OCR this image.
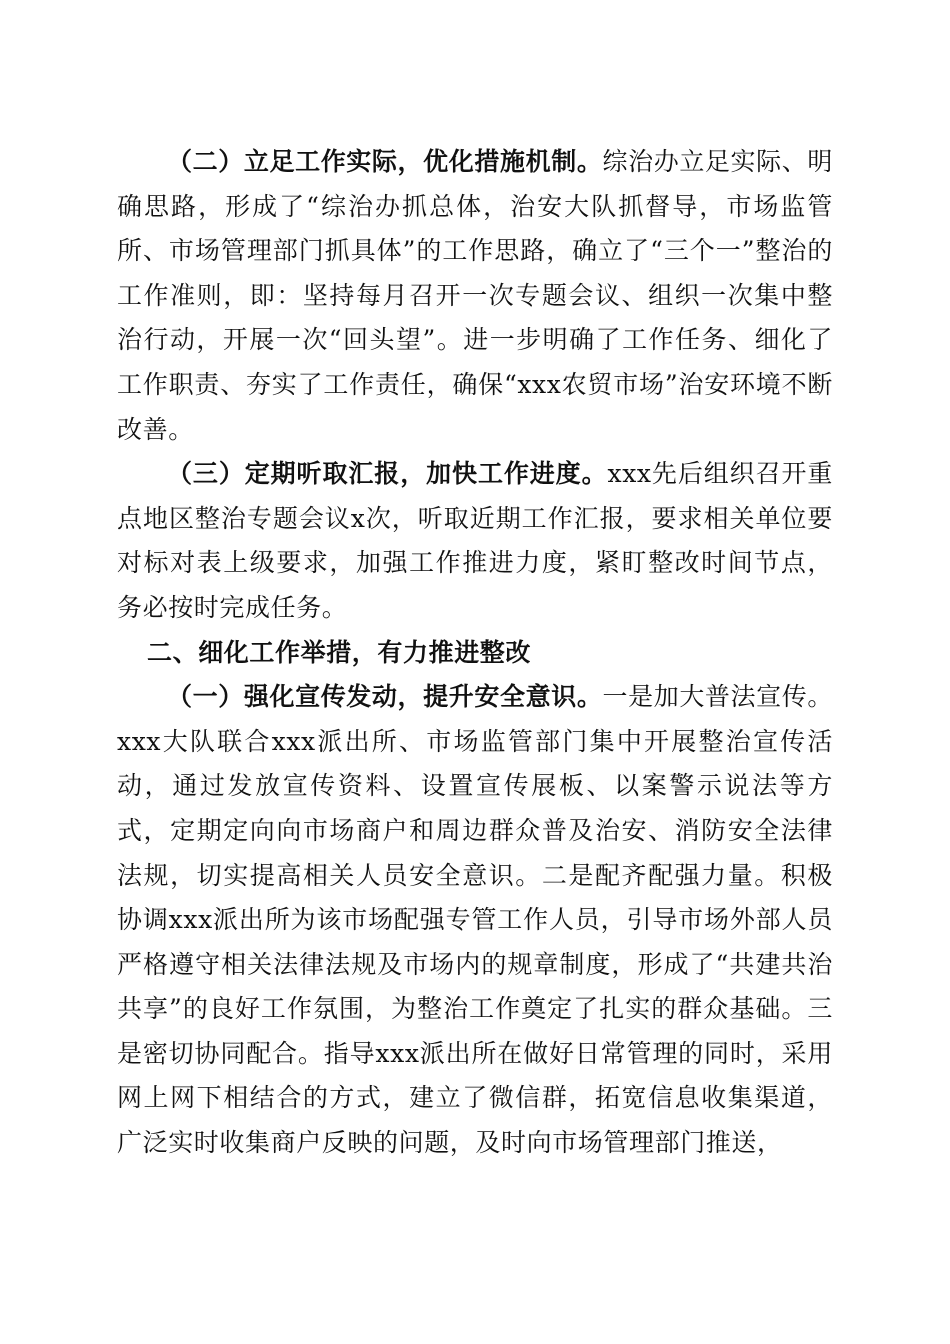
（二）立足工作实际，优化措施机制。综治办立足实际、明确思路，形成了“综治办抓总体，治安大队抓督导，市场监管所、市场管理部门抓具体”的工作思路，确立了“三个一”整治的工作准则，即：坚持每月召开一次专题会议、组织一次集中整治行动，开展一次“回头望”。进一步明确了工作任务、细化了工作职责、夯实了工作责任，确保“xxx农贸市场”治安环境不断改善。

（三）定期听取汇报，加快工作进度。xxx先后组织召开重点地区整治专题会议x次，听取近期工作汇报，要求相关单位要对标对表上级要求，加强工作推进力度，紧盯整改时间节点，务必按时完成任务。

二、细化工作举措，有力推进整改

（一）强化宣传发动，提升安全意识。一是加大普法宣传。xxx大队联合xxx派出所、市场监管部门集中开展整治宣传活动，通过发放宣传资料、设置宣传展板、以案警示说法等方式，定期定向向市场商户和周边群众普及治安、消防安全法律法规，切实提高相关人员安全意识。二是配齐配强力量。积极协调xxx派出所为该市场配强专管工作人员，引导市场外部人员严格遵守相关法律法规及市场内的规章制度，形成了“共建共治共享”的良好工作氛围，为整治工作奠定了扎实的群众基础。三是密切协同配合。指导xxx派出所在做好日常管理的同时，采用网上网下相结合的方式，建立了微信群，拓宽信息收集渠道，广泛实时收集商户反映的问题，及时向市场管理部门推送，
